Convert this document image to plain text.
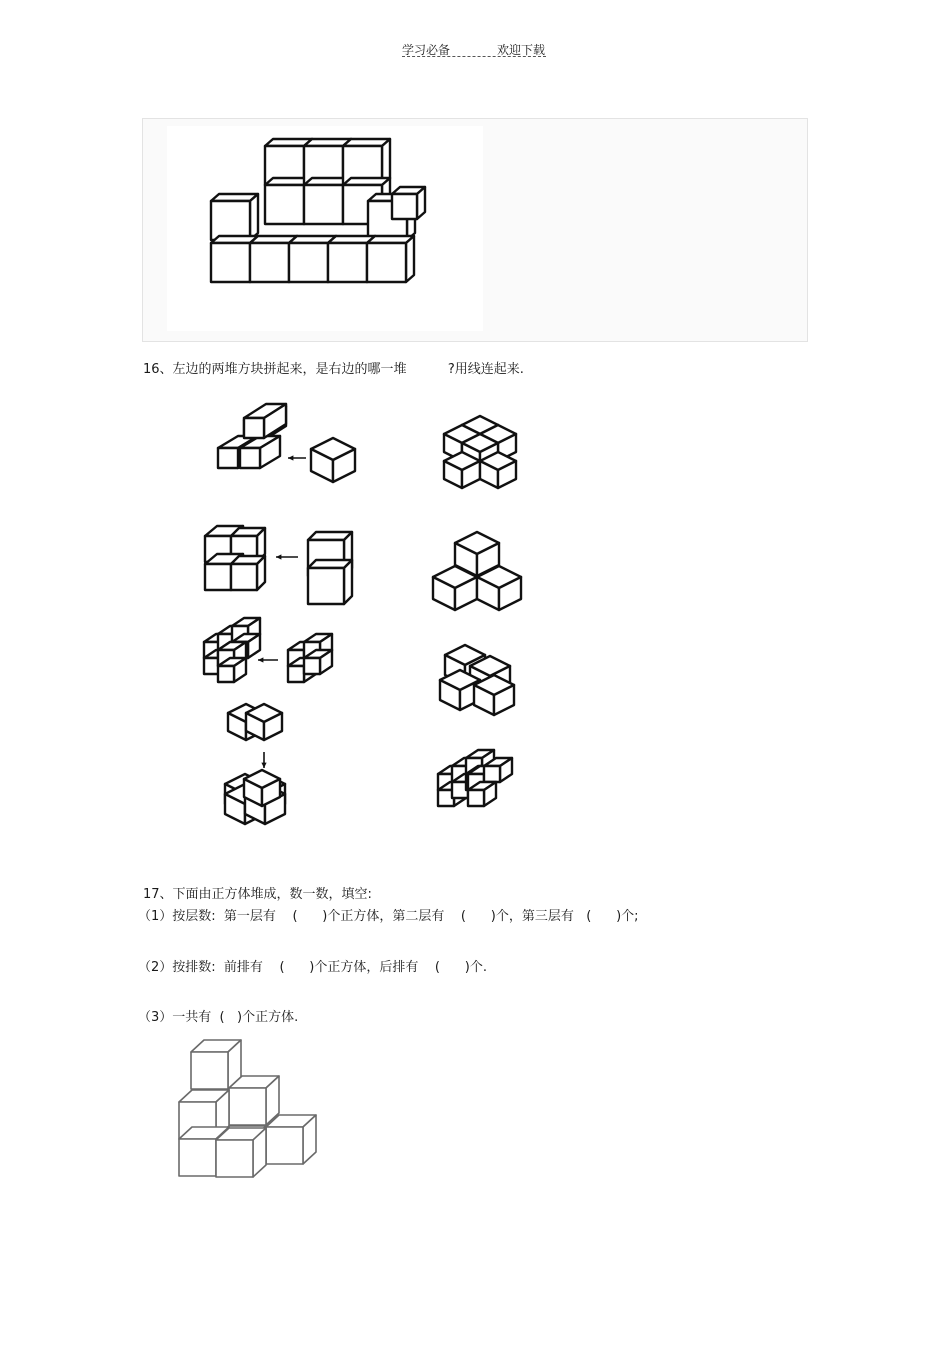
学习必备	欢迎下载
16、左边的两堆方块拼起来，是右边的哪一堆          ?用线连起来.
17、下面由正方体堆成，数一数，填空:
（1）按层数:  第一层有    (      )个正方体，第二层有    (      )个，第三层有   (      )个;
（2）按排数:  前排有    (      )个正方体，后排有    (      )个.
（3）一共有  (   )个正方体.
